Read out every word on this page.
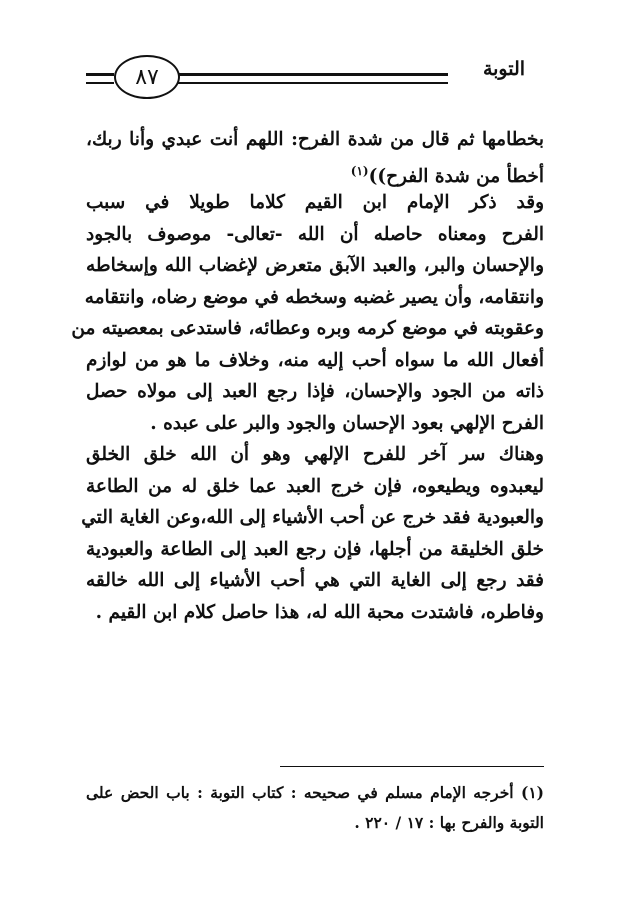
٨٧	التوبة
بخطامها ثم قال من شدة الفرح: اللهم أنت عبدي وأنا ربك،
أخطأ من شدة الفرح))$^{(١)}$
وقد ذكر الإمام ابن القيم كلاما طويلا في سبب
الفرح ومعناه حاصله أن الله -تعالى- موصوف بالجود
والإحسان والبر، والعبد الآبق متعرض لإغضاب الله وإسخاطه
وانتقامه، وأن يصير غضبه وسخطه في موضع رضاه، وانتقامه
وعقوبته في موضع كرمه وبره وعطائه، فاستدعى بمعصيته من
أفعال الله ما سواه أحب إليه منه، وخلاف ما هو من لوازم
ذاته من الجود والإحسان، فإذا رجع العبد إلى مولاه حصل
الفرح الإلهي بعود الإحسان والجود والبر على عبده .
وهناك سر آخر للفرح الإلهي وهو أن الله خلق الخلق
ليعبدوه ويطيعوه، فإن خرج العبد عما خلق له من الطاعة
والعبودية فقد خرج عن أحب الأشياء إلى الله،وعن الغاية التي
خلق الخليقة من أجلها، فإن رجع العبد إلى الطاعة والعبودية
فقد رجع إلى الغاية التي هي أحب الأشياء إلى الله خالقه
وفاطره، فاشتدت محبة الله له، هذا حاصل كلام ابن القيم .
(١) أخرجه الإمام مسلم في صحيحه : كتاب التوبة : باب الحض على
التوبة والفرح بها : ١٧ / ٢٢٠ .
